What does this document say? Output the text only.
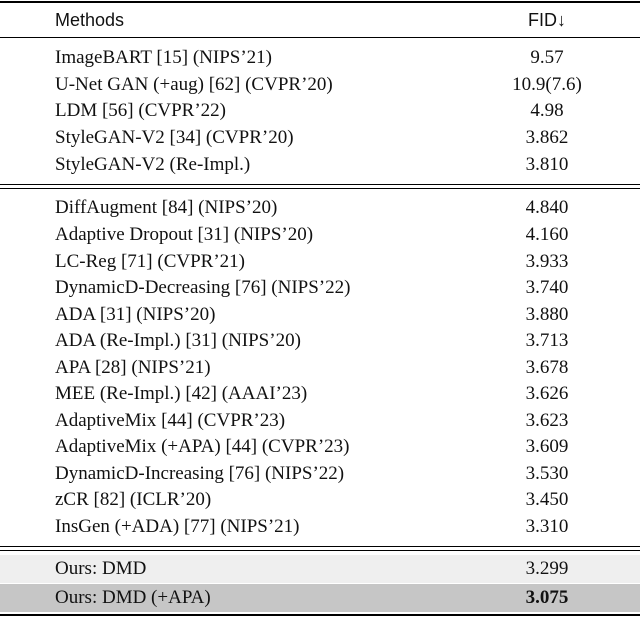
Methods	FID↓
ImageBART [15] (NIPS’21)	9.57
U-Net GAN (+aug) [62] (CVPR’20)	10.9(7.6)
LDM [56] (CVPR’22)	4.98
StyleGAN-V2 [34] (CVPR’20)	3.862
StyleGAN-V2 (Re-Impl.)	3.810
DiffAugment [84] (NIPS’20)	4.840
Adaptive Dropout [31] (NIPS’20)	4.160
LC-Reg [71] (CVPR’21)	3.933
DynamicD-Decreasing [76] (NIPS’22)	3.740
ADA [31] (NIPS’20)	3.880
ADA (Re-Impl.) [31] (NIPS’20)	3.713
APA [28] (NIPS’21)	3.678
MEE (Re-Impl.) [42] (AAAI’23)	3.626
AdaptiveMix [44] (CVPR’23)	3.623
AdaptiveMix (+APA) [44] (CVPR’23)	3.609
DynamicD-Increasing [76] (NIPS’22)	3.530
zCR [82] (ICLR’20)	3.450
InsGen (+ADA) [77] (NIPS’21)	3.310
Ours: DMD	3.299
Ours: DMD (+APA)	3.075
